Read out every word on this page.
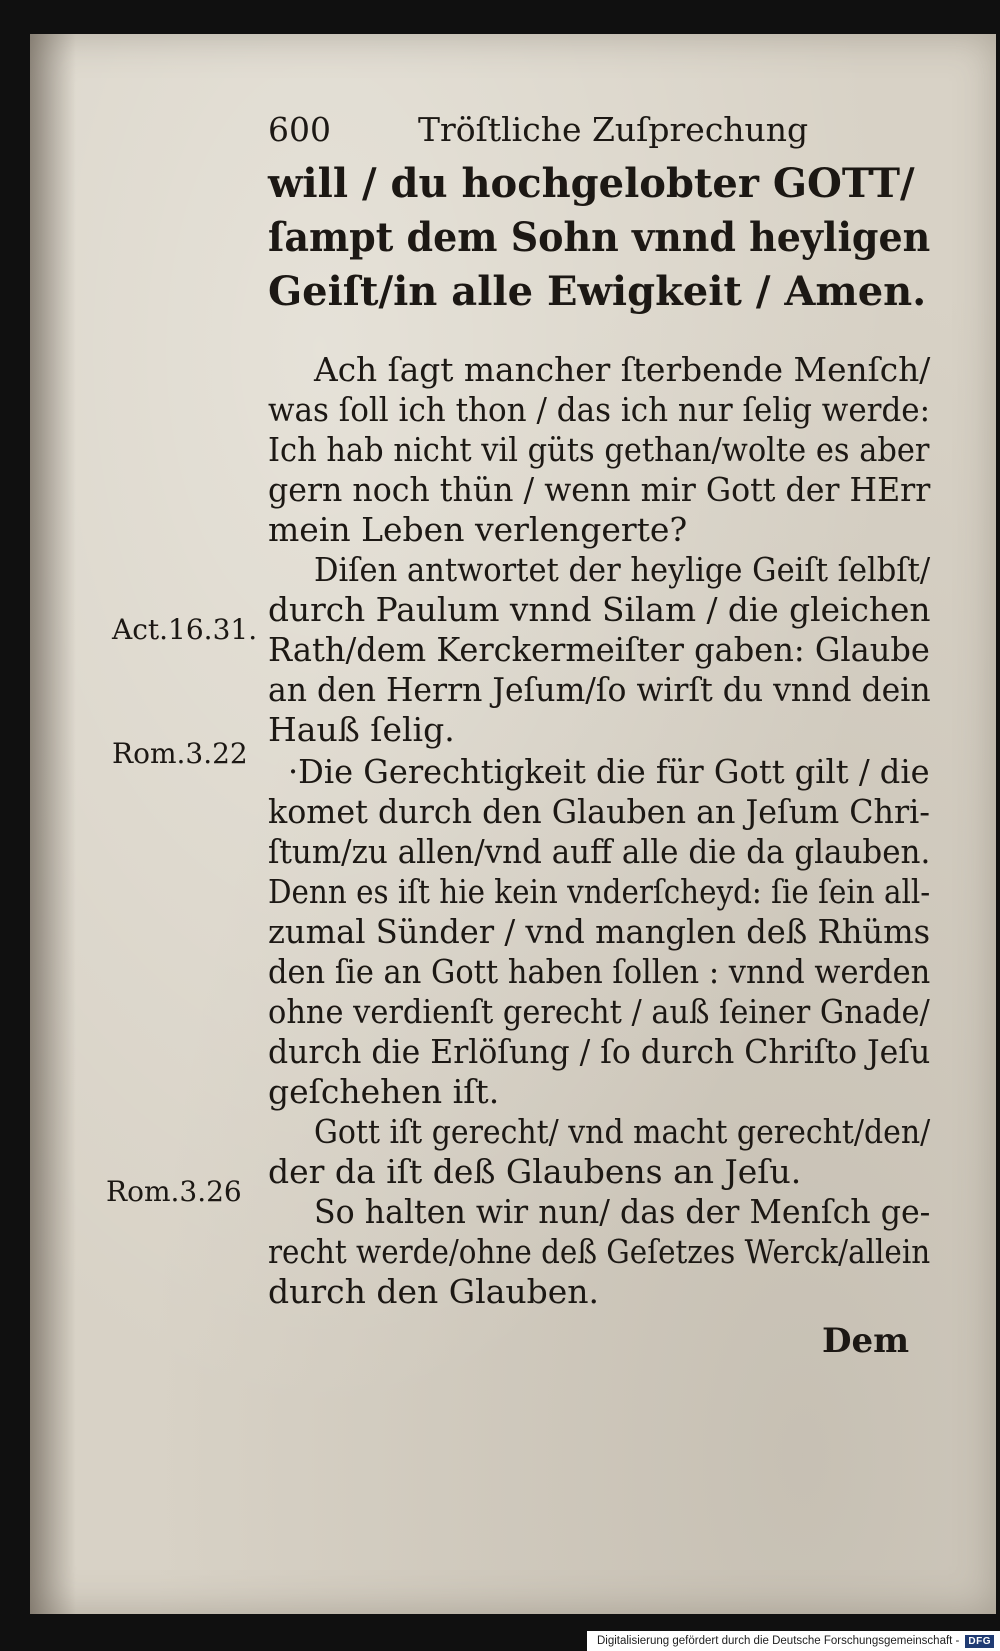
600	Tröſtliche Zuſprechung
will / du hochgelobter GOTT/
ſampt dem Sohn vnnd heyligen
Geiſt/in alle Ewigkeit / Amen.
Ach ſagt mancher ſterbende Menſch/
was ſoll ich thon / das ich nur ſelig werde:
Ich hab nicht vil güts gethan/wolte es aber
gern noch thün / wenn mir Gott der HErr
mein Leben verlengerte?
Diſen antwortet der heylige Geiſt ſelbſt/
durch Paulum vnnd Silam / die gleichen
Rath/dem Kerckermeiſter gaben: Glaube
an den Herrn Jeſum/ſo wirſt du vnnd dein
Hauß ſelig.
·Die Gerechtigkeit die für Gott gilt / die
komet durch den Glauben an Jeſum Chri-
ſtum/zu allen/vnd auff alle die da glauben.
Denn es iſt hie kein vnderſcheyd: ſie ſein all-
zumal Sünder / vnd manglen deß Rhüms
den ſie an Gott haben ſollen : vnnd werden
ohne verdienſt gerecht / auß ſeiner Gnade/
durch die Erlöſung / ſo durch Chriſto Jeſu
geſchehen iſt.
Gott iſt gerecht/ vnd macht gerecht/den/
der da iſt deß Glaubens an Jeſu.
So halten wir nun/ das der Menſch ge-
recht werde/ohne deß Geſetzes Werck/allein
durch den Glauben.
Act.16.31.
Rom.3.22
Rom.3.26
Dem
Digitalisierung gefördert durch die Deutsche Forschungsgemeinschaft - DFG
